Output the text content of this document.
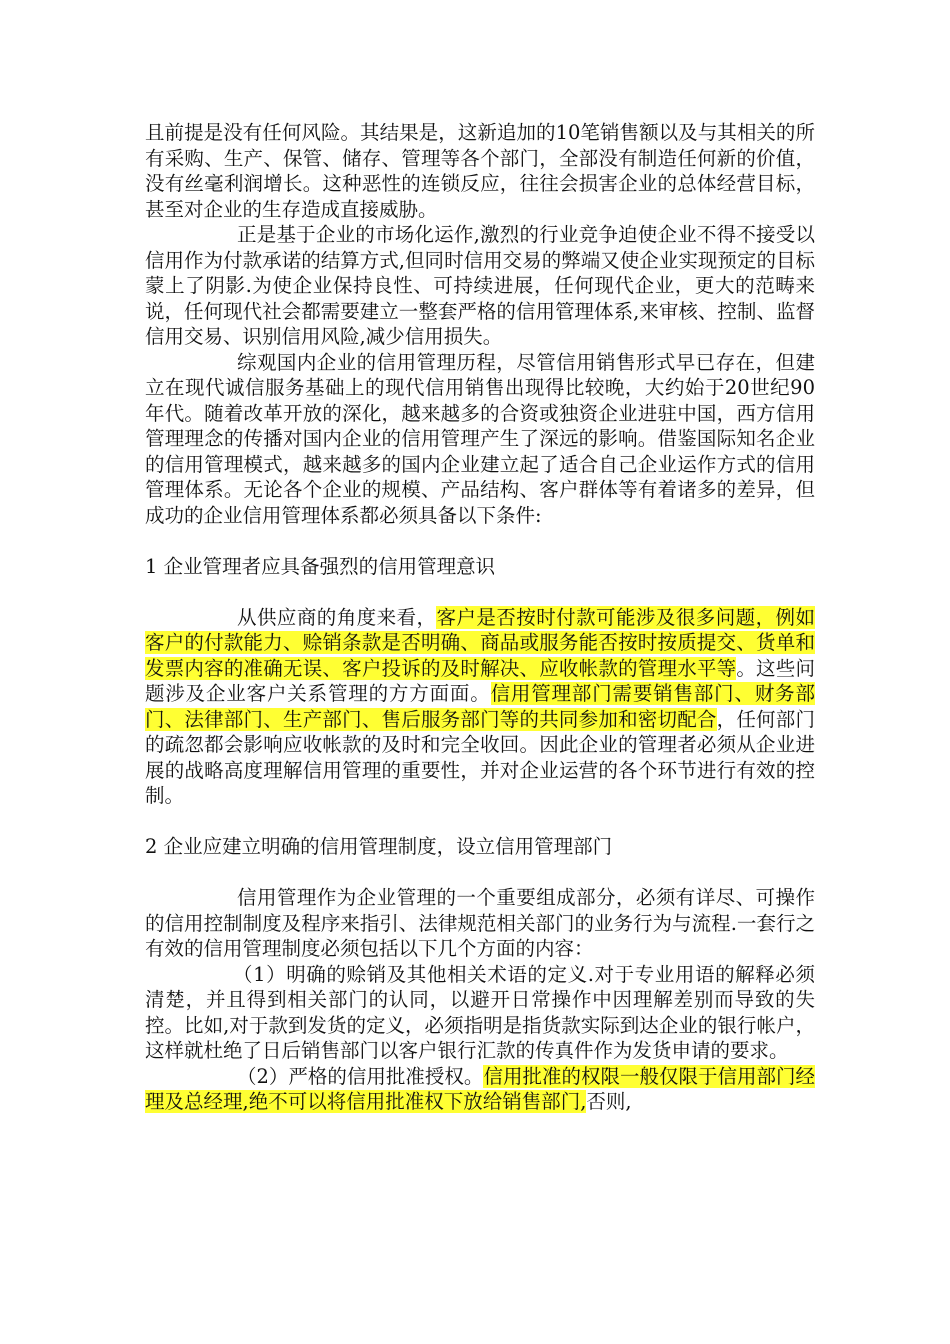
且前提是没有任何风险。其结果是，这新追加的10笔销售额以及与其相关的所有采购、生产、保管、储存、管理等各个部门，全部没有制造任何新的价值，没有丝毫利润增长。这种恶性的连锁反应，往往会损害企业的总体经营目标，甚至对企业的生存造成直接威胁。

正是基于企业的市场化运作,激烈的行业竞争迫使企业不得不接受以信用作为付款承诺的结算方式,但同时信用交易的弊端又使企业实现预定的目标蒙上了阴影.为使企业保持良性、可持续进展，任何现代企业，更大的范畴来说，任何现代社会都需要建立一整套严格的信用管理体系,来审核、控制、监督信用交易、识别信用风险,减少信用损失。

综观国内企业的信用管理历程，尽管信用销售形式早已存在，但建立在现代诚信服务基础上的现代信用销售出现得比较晚，大约始于20世纪90年代。随着改革开放的深化，越来越多的合资或独资企业进驻中国，西方信用管理理念的传播对国内企业的信用管理产生了深远的影响。借鉴国际知名企业的信用管理模式，越来越多的国内企业建立起了适合自己企业运作方式的信用管理体系。无论各个企业的规模、产品结构、客户群体等有着诸多的差异，但成功的企业信用管理体系都必须具备以下条件:

1 企业管理者应具备强烈的信用管理意识

从供应商的角度来看，客户是否按时付款可能涉及很多问题，例如客户的付款能力、赊销条款是否明确、商品或服务能否按时按质提交、货单和发票内容的准确无误、客户投诉的及时解决、应收帐款的管理水平等。这些问题涉及企业客户关系管理的方方面面。信用管理部门需要销售部门、财务部门、法律部门、生产部门、售后服务部门等的共同参加和密切配合，任何部门的疏忽都会影响应收帐款的及时和完全收回。因此企业的管理者必须从企业进展的战略高度理解信用管理的重要性，并对企业运营的各个环节进行有效的控制。

2 企业应建立明确的信用管理制度，设立信用管理部门

信用管理作为企业管理的一个重要组成部分，必须有详尽、可操作的信用控制制度及程序来指引、法律规范相关部门的业务行为与流程.一套行之有效的信用管理制度必须包括以下几个方面的内容：

（1）明确的赊销及其他相关术语的定义.对于专业用语的解释必须清楚，并且得到相关部门的认同，以避开日常操作中因理解差别而导致的失控。比如,对于款到发货的定义，必须指明是指货款实际到达企业的银行帐户，这样就杜绝了日后销售部门以客户银行汇款的传真件作为发货申请的要求。

（2）严格的信用批准授权。信用批准的权限一般仅限于信用部门经理及总经理,绝不可以将信用批准权下放给销售部门,否则,
